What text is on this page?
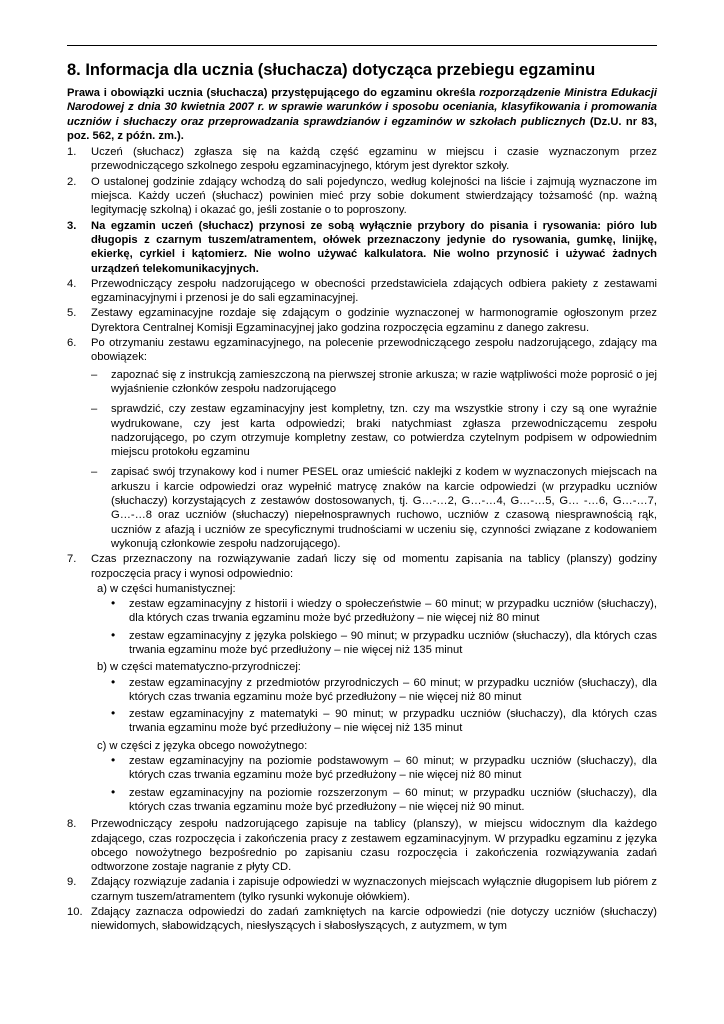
8. Informacja dla ucznia (słuchacza) dotycząca przebiegu egzaminu

Prawa i obowiązki ucznia (słuchacza) przystępującego do egzaminu określa rozporządzenie Ministra Edukacji Narodowej z dnia 30 kwietnia 2007 r. w sprawie warunków i sposobu oceniania, klasyfikowania i promowania uczniów i słuchaczy oraz przeprowadzania sprawdzianów i egzaminów w szkołach publicznych (Dz.U. nr 83, poz. 562, z późn. zm.).

1. Uczeń (słuchacz) zgłasza się na każdą część egzaminu w miejscu i czasie wyznaczonym przez przewodniczącego szkolnego zespołu egzaminacyjnego, którym jest dyrektor szkoły.
2. O ustalonej godzinie zdający wchodzą do sali pojedynczo, według kolejności na liście i zajmują wyznaczone im miejsca. Każdy uczeń (słuchacz) powinien mieć przy sobie dokument stwierdzający tożsamość (np. ważną legitymację szkolną) i okazać go, jeśli zostanie o to poproszony.
3. Na egzamin uczeń (słuchacz) przynosi ze sobą wyłącznie przybory do pisania i rysowania: pióro lub długopis z czarnym tuszem/atramentem, ołówek przeznaczony jedynie do rysowania, gumkę, linijkę, ekierkę, cyrkiel i kątomierz. Nie wolno używać kalkulatora. Nie wolno przynosić i używać żadnych urządzeń telekomunikacyjnych.
4. Przewodniczący zespołu nadzorującego w obecności przedstawiciela zdających odbiera pakiety z zestawami egzaminacyjnymi i przenosi je do sali egzaminacyjnej.
5. Zestawy egzaminacyjne rozdaje się zdającym o godzinie wyznaczonej w harmonogramie ogłoszonym przez Dyrektora Centralnej Komisji Egzaminacyjnej jako godzina rozpoczęcia egzaminu z danego zakresu.
6. Po otrzymaniu zestawu egzaminacyjnego, na polecenie przewodniczącego zespołu nadzorującego, zdający ma obowiązek:
– zapoznać się z instrukcją zamieszczoną na pierwszej stronie arkusza; w razie wątpliwości może poprosić o jej wyjaśnienie członków zespołu nadzorującego
– sprawdzić, czy zestaw egzaminacyjny jest kompletny, tzn. czy ma wszystkie strony i czy są one wyraźnie wydrukowane, czy jest karta odpowiedzi; braki natychmiast zgłasza przewodniczącemu zespołu nadzorującego, po czym otrzymuje kompletny zestaw, co potwierdza czytelnym podpisem w odpowiednim miejscu protokołu egzaminu
– zapisać swój trzynakowy kod i numer PESEL oraz umieścić naklejki z kodem w wyznaczonych miejscach na arkuszu i karcie odpowiedzi oraz wypełnić matrycę znaków na karcie odpowiedzi (w przypadku uczniów (słuchaczy) korzystających z zestawów dostosowanych, tj. G…-…2, G…-…4, G…-…5, G… -…6, G…-…7, G…-…8 oraz uczniów (słuchaczy) niepełnosprawnych ruchowo, uczniów z czasową niesprawnością rąk, uczniów z afazją i uczniów ze specyficznymi trudnościami w uczeniu się, czynności związane z kodowaniem wykonują członkowie zespołu nadzorującego).
7. Czas przeznaczony na rozwiązywanie zadań liczy się od momentu zapisania na tablicy (planszy) godziny rozpoczęcia pracy i wynosi odpowiednio:
a) w części humanistycznej:
• zestaw egzaminacyjny z historii i wiedzy o społeczeństwie – 60 minut; w przypadku uczniów (słuchaczy), dla których czas trwania egzaminu może być przedłużony – nie więcej niż 80 minut
• zestaw egzaminacyjny z języka polskiego – 90 minut; w przypadku uczniów (słuchaczy), dla których czas trwania egzaminu może być przedłużony – nie więcej niż 135 minut
b) w części matematyczno-przyrodniczej:
• zestaw egzaminacyjny z przedmiotów przyrodniczych – 60 minut; w przypadku uczniów (słuchaczy), dla których czas trwania egzaminu może być przedłużony – nie więcej niż 80 minut
• zestaw egzaminacyjny z matematyki – 90 minut; w przypadku uczniów (słuchaczy), dla których czas trwania egzaminu może być przedłużony – nie więcej niż 135 minut
c) w części z języka obcego nowożytnego:
• zestaw egzaminacyjny na poziomie podstawowym – 60 minut; w przypadku uczniów (słuchaczy), dla których czas trwania egzaminu może być przedłużony – nie więcej niż 80 minut
• zestaw egzaminacyjny na poziomie rozszerzonym – 60 minut; w przypadku uczniów (słuchaczy), dla których czas trwania egzaminu może być przedłużony – nie więcej niż 90 minut.
8. Przewodniczący zespołu nadzorującego zapisuje na tablicy (planszy), w miejscu widocznym dla każdego zdającego, czas rozpoczęcia i zakończenia pracy z zestawem egzaminacyjnym. W przypadku egzaminu z języka obcego nowożytnego bezpośrednio po zapisaniu czasu rozpoczęcia i zakończenia rozwiązywania zadań odtworzone zostaje nagranie z płyty CD.
9. Zdający rozwiązuje zadania i zapisuje odpowiedzi w wyznaczonych miejscach wyłącznie długopisem lub piórem z czarnym tuszem/atramentem (tylko rysunki wykonuje ołówkiem).
10. Zdający zaznacza odpowiedzi do zadań zamkniętych na karcie odpowiedzi (nie dotyczy uczniów (słuchaczy) niewidomych, słabowidzących, niesłyszących i słabosłyszących, z autyzmem, w tym
